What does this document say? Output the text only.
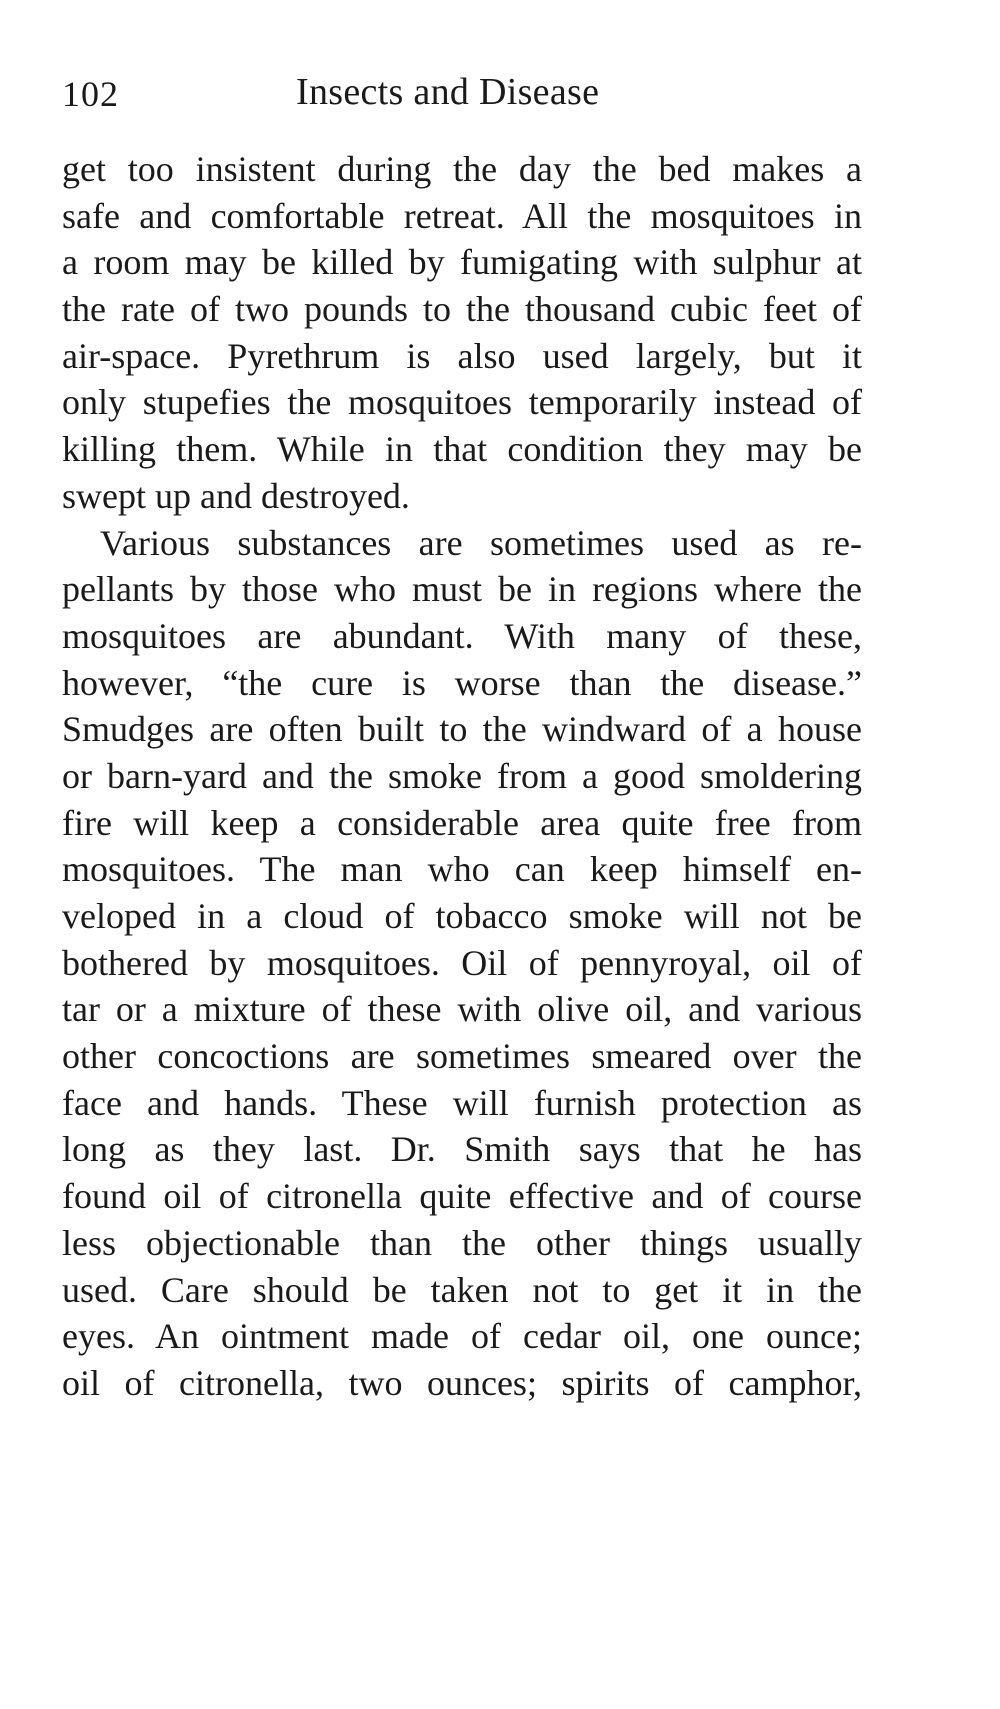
102	Insects and Disease
get too insistent during the day the bed makes a
safe and comfortable retreat. All the mosquitoes in
a room may be killed by fumigating with sulphur at
the rate of two pounds to the thousand cubic feet of
air-space. Pyrethrum is also used largely, but it
only stupefies the mosquitoes temporarily instead of
killing them. While in that condition they may be
swept up and destroyed.
Various substances are sometimes used as re-
pellants by those who must be in regions where the
mosquitoes are abundant. With many of these,
however, “the cure is worse than the disease.”
Smudges are often built to the windward of a house
or barn-yard and the smoke from a good smoldering
fire will keep a considerable area quite free from
mosquitoes. The man who can keep himself en-
veloped in a cloud of tobacco smoke will not be
bothered by mosquitoes. Oil of pennyroyal, oil of
tar or a mixture of these with olive oil, and various
other concoctions are sometimes smeared over the
face and hands. These will furnish protection as
long as they last. Dr. Smith says that he has
found oil of citronella quite effective and of course
less objectionable than the other things usually
used. Care should be taken not to get it in the
eyes. An ointment made of cedar oil, one ounce;
oil of citronella, two ounces; spirits of camphor,
